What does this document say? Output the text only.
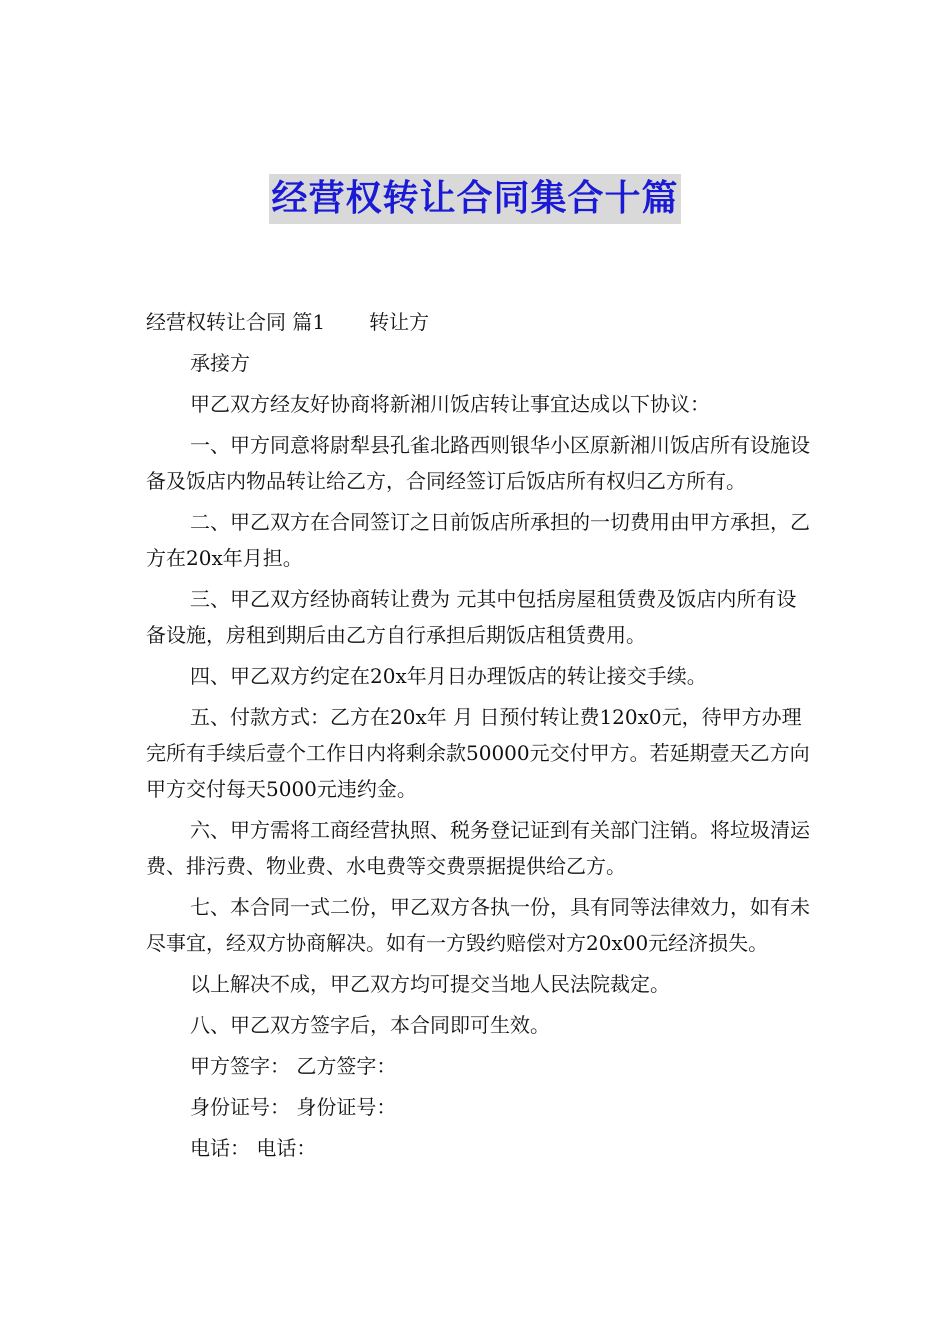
经营权转让合同集合十篇

经营权转让合同 篇1 转让方

承接方

甲乙双方经友好协商将新湘川饭店转让事宜达成以下协议：

一、甲方同意将尉犁县孔雀北路西则银华小区原新湘川饭店所有设施设备及饭店内物品转让给乙方，合同经签订后饭店所有权归乙方所有。

二、甲乙双方在合同签订之日前饭店所承担的一切费用由甲方承担，乙方在20x年月担。

三、甲乙双方经协商转让费为 元其中包括房屋租赁费及饭店内所有设备设施，房租到期后由乙方自行承担后期饭店租赁费用。

四、甲乙双方约定在20x年月日办理饭店的转让接交手续。

五、付款方式：乙方在20x年 月 日预付转让费120x0元，待甲方办理完所有手续后壹个工作日内将剩余款50000元交付甲方。若延期壹天乙方向甲方交付每天5000元违约金。

六、甲方需将工商经营执照、税务登记证到有关部门注销。将垃圾清运费、排污费、物业费、水电费等交费票据提供给乙方。

七、本合同一式二份，甲乙双方各执一份，具有同等法律效力，如有未尽事宜，经双方协商解决。如有一方毁约赔偿对方20x00元经济损失。

以上解决不成，甲乙双方均可提交当地人民法院裁定。

八、甲乙双方签字后，本合同即可生效。

甲方签字： 乙方签字：

身份证号： 身份证号：

电话： 电话：
